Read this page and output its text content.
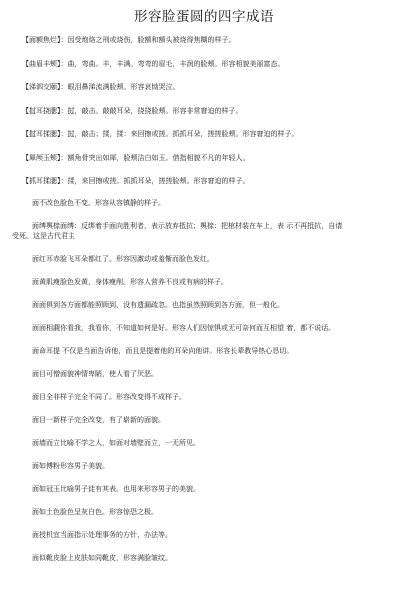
形容脸蛋圆的四字成语
【面额焦烂】：因受炮烙之刑或烧伤，脸额和额头被烧得焦糊的样子。
【曲眉丰颊】：曲，弯曲。丰，丰满。弯弯的眉毛，丰润的脸颊。形容相貌美丽富态。
【涕泗交颐】：眼泪鼻涕流满脸颊。形容哀恸哭泣。
【挝耳挠腮】：挝，敲击。敲敲耳朵，挠挠脸颊。形容非常窘迫的样子。
【挝耳揉腮】：挝，敲击；揉，揉：来回擦或搓。抓抓耳朵，搓搓脸颊。形容窘迫的样子。
【犀颅玉颊】：额角骨突出如犀，脸颊洁白如玉。借指相貌不凡的年轻人。
【抓耳揉腮】：揉，来回擦或搓。抓抓耳朵，搓搓脸颊。形容窘迫的样子。
面不改色脸色不变。形容从容镇静的样子。
面缚舆榇面缚：反绑着手面向胜利者，表示放弃抵抗；舆榇：把棺材装在车上，表 示不再抵抗，自请
受死。这是古代君主
面红耳赤脸飞耳朵都红了。形容因激动或羞惭而脸色发红。
面黄肌瘦脸色发黄，身体瘦削。形容人营养不良或有病的样子。
面面俱到各方面都能照顾到，没有遗漏疏忽。也指虽然照顾到各方面，但一般化。
面面相觑你看我，我看你，不知道如何是好。形容人们因惊惧或无可奈何而互相望 着，都不说话。
面命耳提 不仅是当面告诉他，而且是提着他的耳朵向他讲。形容长辈教导热心恳切。
面目可憎面貌神情卑陋，使人看了厌恶。
面目全非样子完全不同了。形容改变得不成样子。
面目一新样子完全改变，有了崭新的面貌。
面墙而立比喻不学之人，如面对墙壁而立，一无所见。
面如傅粉形容男子美貌。
面如冠玉比喻男子徒有其表。也用来形容男子的美貌。
面如土色脸色呈灰白色。形容惊恐之极。
面授机宜当面指示处理事务的方针、办法等。
面似靴皮脸上皮肤如同靴皮，形容满脸皱纹。
